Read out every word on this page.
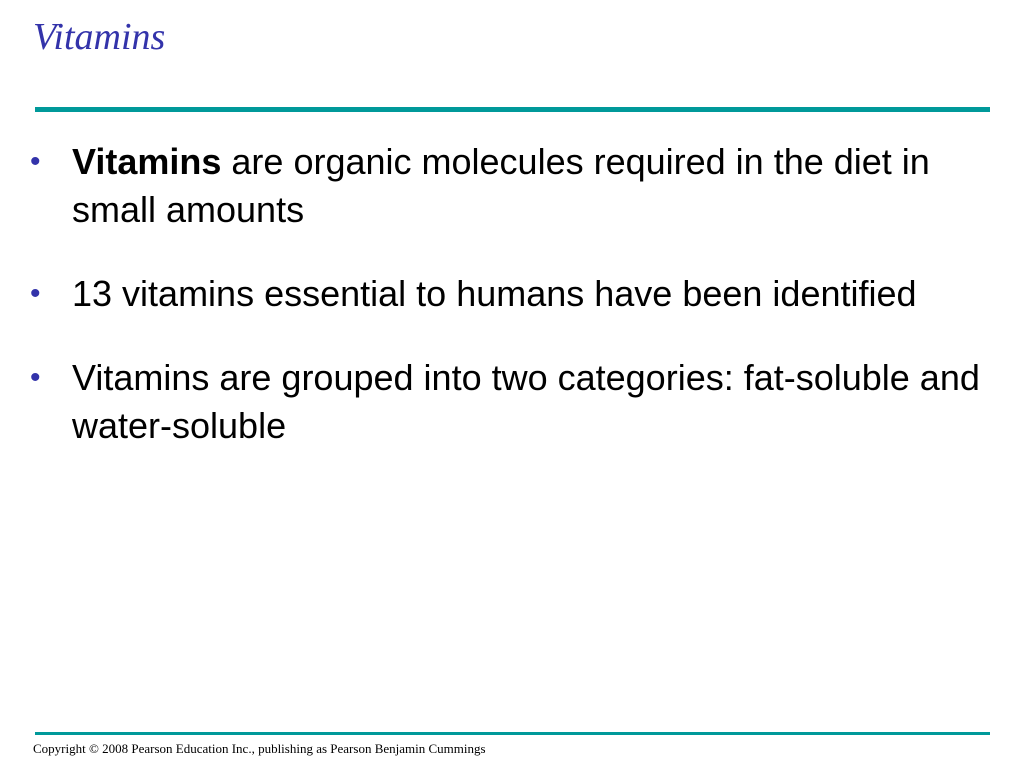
Vitamins
• Vitamins are organic molecules required in the diet in small amounts
• 13 vitamins essential to humans have been identified
• Vitamins are grouped into two categories: fat-soluble and water-soluble

Copyright © 2008 Pearson Education Inc., publishing as Pearson Benjamin Cummings
